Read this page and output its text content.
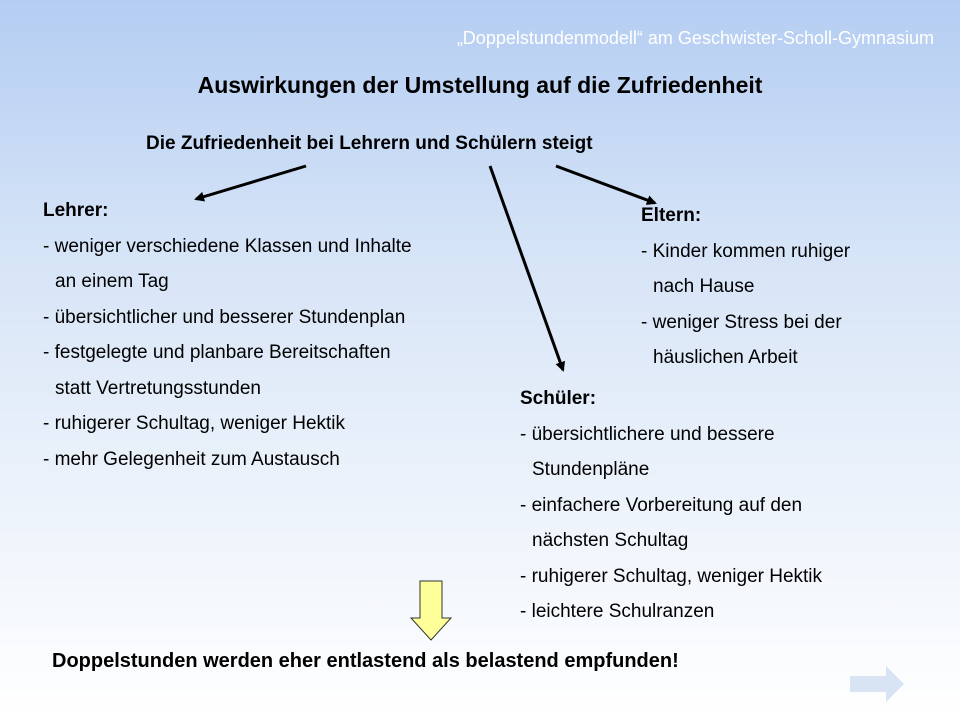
„Doppelstundenmodell“ am Geschwister-Scholl-Gymnasium
Auswirkungen der Umstellung auf die Zufriedenheit
Die Zufriedenheit bei Lehrern und Schülern steigt
Lehrer:
- weniger verschiedene Klassen und Inhalte
an einem Tag
- übersichtlicher und besserer Stundenplan
- festgelegte und planbare Bereitschaften
statt Vertretungsstunden
- ruhigerer Schultag, weniger Hektik
- mehr Gelegenheit zum Austausch
Eltern:
- Kinder kommen ruhiger
nach Hause
- weniger Stress bei der
häuslichen Arbeit
Schüler:
- übersichtlichere und bessere
Stundenpläne
- einfachere Vorbereitung auf den
nächsten Schultag
- ruhigerer Schultag, weniger Hektik
- leichtere Schulranzen
Doppelstunden werden eher entlastend als belastend empfunden!
Januar 2006	13
